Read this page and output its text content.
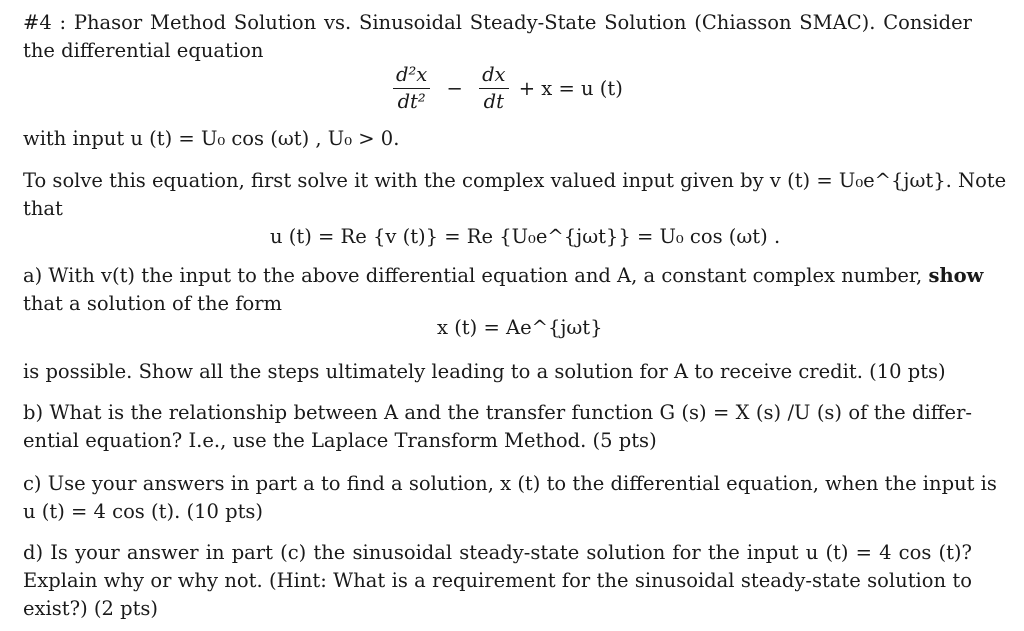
#4 : Phasor Method Solution vs. Sinusoidal Steady-State Solution (Chiasson SMAC). Consider
the differential equation
$\frac{\text{d²x}}{\text{dt²}} - \frac{dx}{dt} + x = u$ (t)
with input u (t) = U₀ cos (ωt) , U₀ > 0.
To solve this equation, first solve it with the complex valued input given by v (t) = U₀e^{jωt}. Note
that
u (t) = Re {v (t)} = Re {U₀e^{jωt}} = U₀ cos (ωt) .
a) With v(t) the input to the above differential equation and A, a constant complex number, show
that a solution of the form
x (t) = Ae^{jωt}
is possible. Show all the steps ultimately leading to a solution for A to receive credit. (10 pts)
b) What is the relationship between A and the transfer function G (s) = X (s) /U (s) of the differ-
ential equation? I.e., use the Laplace Transform Method. (5 pts)
c) Use your answers in part a to find a solution, x (t) to the differential equation, when the input is
u (t) = 4 cos (t). (10 pts)
d) Is your answer in part (c) the sinusoidal steady-state solution for the input u (t) = 4 cos (t)?
Explain why or why not. (Hint: What is a requirement for the sinusoidal steady-state solution to
exist?) (2 pts)
